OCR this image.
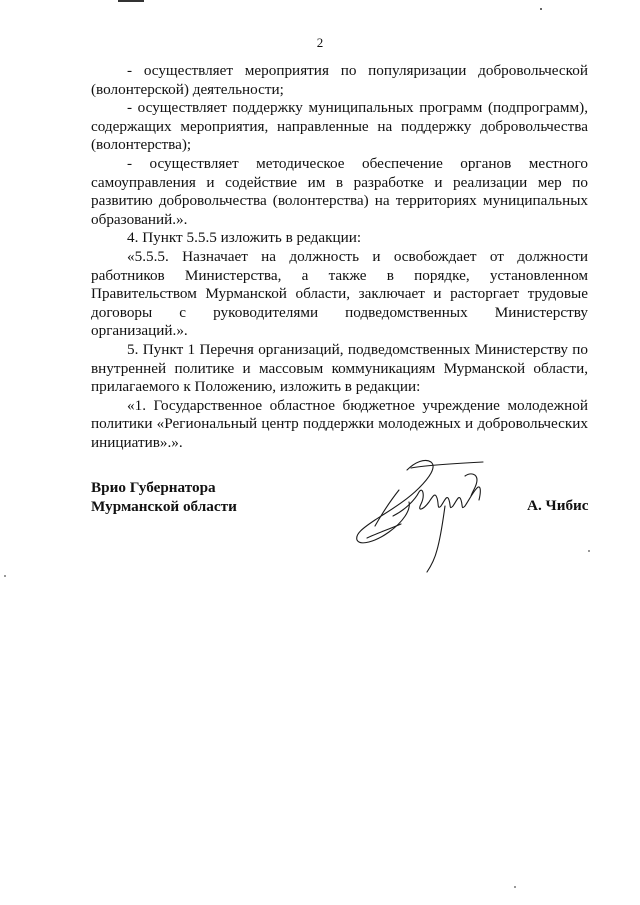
2

- осуществляет мероприятия по популяризации добровольческой (волонтерской) деятельности;

- осуществляет поддержку муниципальных программ (подпрограмм), содержащих мероприятия, направленные на поддержку добровольчества (волонтерства);

- осуществляет методическое обеспечение органов местного самоуправления и содействие им в разработке и реализации мер по развитию добровольчества (волонтерства) на территориях муниципальных образований.».

4. Пункт 5.5.5 изложить в редакции:

«5.5.5. Назначает на должность и освобождает от должности работников Министерства, а также в порядке, установленном Правительством Мурманской области, заключает и расторгает трудовые договоры с руководителями подведомственных Министерству организаций.».

5. Пункт 1 Перечня организаций, подведомственных Министерству по внутренней политике и массовым коммуникациям Мурманской области, прилагаемого к Положению, изложить в редакции:

«1. Государственное областное бюджетное учреждение молодежной политики «Региональный центр поддержки молодежных и добровольческих инициатив».».

Врио Губернатора
Мурманской области	А. Чибис
